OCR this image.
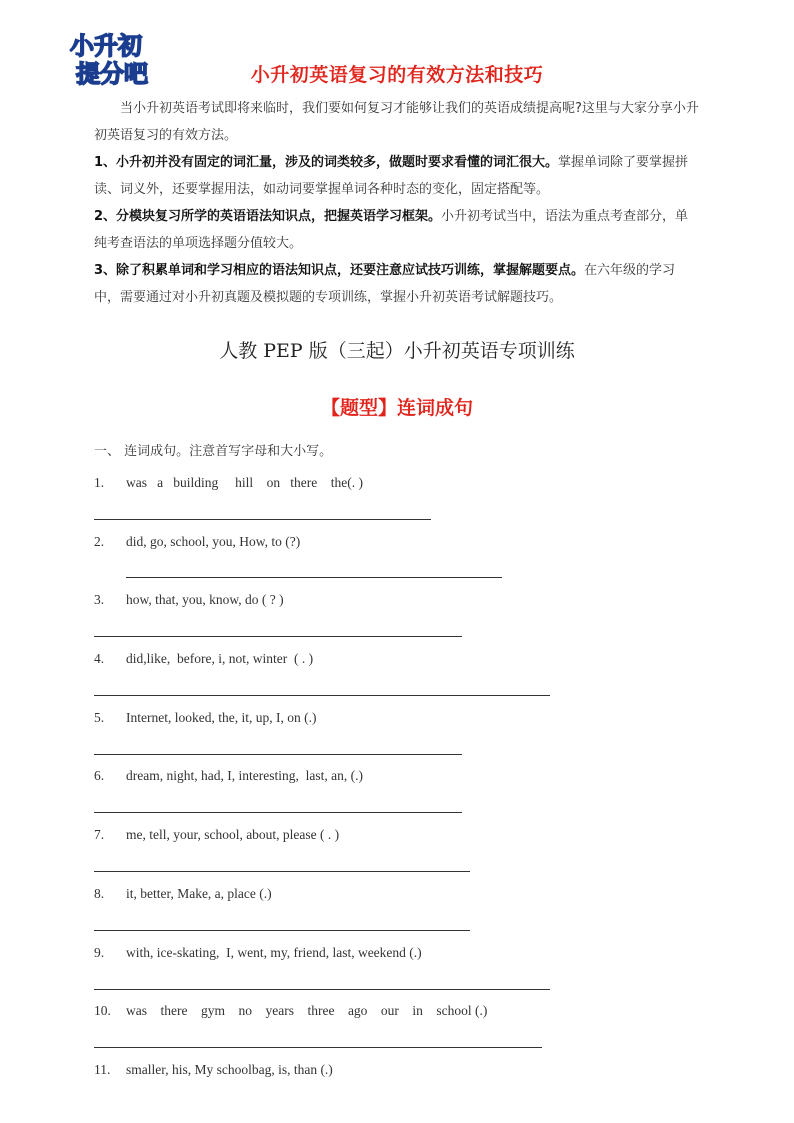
小升初
提分吧	小升初英语复习的有效方法和技巧

当小升初英语考试即将来临时，我们要如何复习才能够让我们的英语成绩提高呢?这里与大家分享小升初英语复习的有效方法。

1、小升初并没有固定的词汇量，涉及的词类较多，做题时要求看懂的词汇很大。掌握单词除了要掌握拼读、词义外，还要掌握用法，如动词要掌握单词各种时态的变化，固定搭配等。

2、分模块复习所学的英语语法知识点，把握英语学习框架。小升初考试当中，语法为重点考查部分，单纯考查语法的单项选择题分值较大。

3、除了积累单词和学习相应的语法知识点，还要注意应试技巧训练，掌握解题要点。在六年级的学习中，需要通过对小升初真题及模拟题的专项训练，掌握小升初英语考试解题技巧。

人教 PEP 版（三起）小升初英语专项训练
【题型】连词成句
一、 连词成句。注意首写字母和大小写。
1. was   a   building     hill    on   there    the(. )
2. did, go, school, you, How, to (?)
3. how, that, you, know, do ( ? )
4. did,like,  before, i, not, winter  ( . )
5. Internet, looked, the, it, up, I, on (.)
6. dream, night, had, I, interesting,  last, an, (.)
7. me, tell, your, school, about, please ( . )
8. it, better, Make, a, place (.)
9. with, ice-skating,  I, went, my, friend, last, weekend (.)
10. was    there    gym    no    years    three    ago    our    in    school (.)
11. smaller, his, My schoolbag, is, than (.)
